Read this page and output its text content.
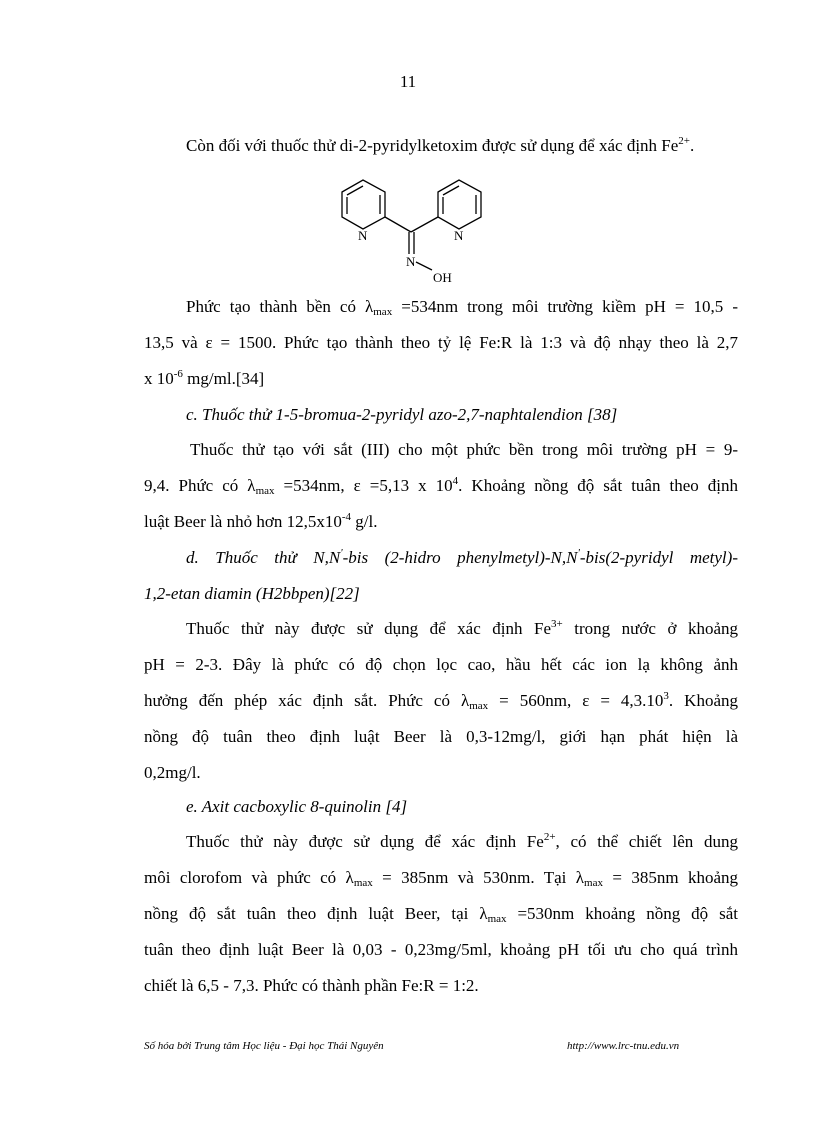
11

Còn đối với thuốc thử di-2-pyridylketoxim được sử dụng để xác định $Fe^{2+}$.

N	N
N
OH

Phức tạo thành bền có $\lambda_{max} =534nm$ trong môi trường kiềm pH = 10,5 -
13,5 và ε = 1500. Phức tạo thành theo tỷ lệ Fe:R là 1:3 và độ nhạy theo là 2,7
x $10^{-6}$ mg/ml.[34]

c. Thuốc thử 1-5-bromua-2-pyridyl azo-2,7-naphtalendion [38]

Thuốc thử tạo với sắt (III) cho một phức bền trong môi trường pH = 9-
9,4. Phức có $\lambda_{max} =534nm$, ε =5,13 x $10^4$. Khoảng nồng độ sắt tuân theo định
luật Beer là nhỏ hơn $12,5x10^{-4}$ g/l.

d. Thuốc thử N,N'-bis (2-hidro phenylmetyl)-N,N'-bis(2-pyridyl metyl)-
1,2-etan diamin (H2bbpen)[22]

Thuốc thử này được sử dụng để xác định $Fe^{3+}$ trong nước ở khoảng
pH = 2-3. Đây là phức có độ chọn lọc cao, hầu hết các ion lạ không ảnh
hưởng đến phép xác định sắt. Phức có $\lambda_{max} = 560nm$, $\varepsilon = 4,3.10^3$. Khoảng
nồng độ tuân theo định luật Beer là 0,3-12mg/l, giới hạn phát hiện là
0,2mg/l.

e. Axit cacboxylic 8-quinolin [4]

Thuốc thử này được sử dụng để xác định $Fe^{2+}$, có thể chiết lên dung
môi clorofom và phức có $\lambda_{max} = 385nm$ và 530nm. Tại $\lambda_{max} = 385nm$ khoảng
nồng độ sắt tuân theo định luật Beer, tại $\lambda_{max} =530nm$ khoảng nồng độ sắt
tuân theo định luật Beer là 0,03 - 0,23mg/5ml, khoảng pH tối ưu cho quá trình
chiết là 6,5 - 7,3. Phức có thành phần Fe:R = 1:2.

Số hóa bởi Trung tâm Học liệu - Đại học Thái Nguyên	http://www.lrc-tnu.edu.vn
